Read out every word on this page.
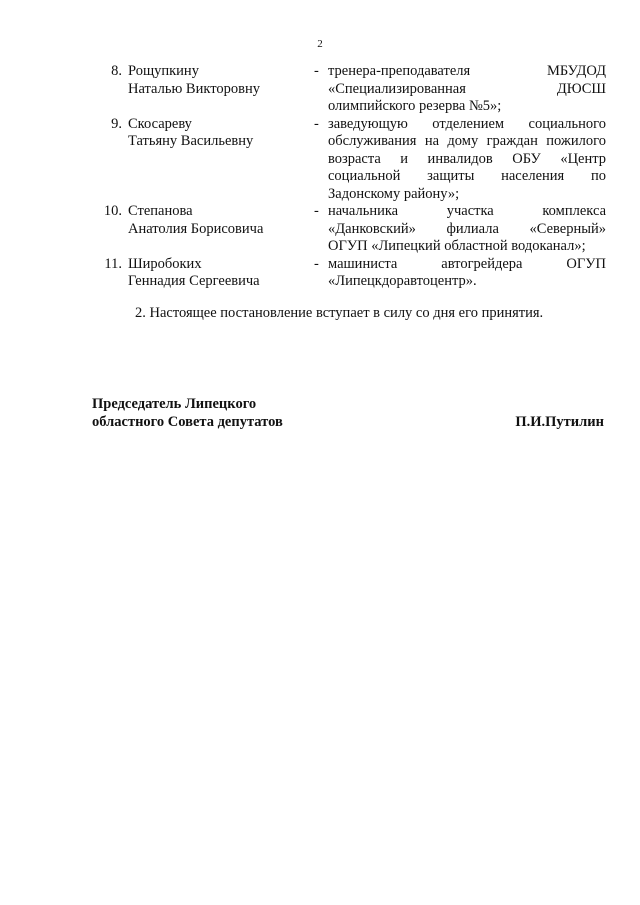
2
8. Рощупкину
Наталью Викторовну
- тренера-преподавателя МБУДОД
«Специализированная ДЮСШ
олимпийского резерва №5»;
9. Скосареву
Татьяну Васильевну
- заведующую отделением социального
обслуживания на дому граждан пожилого
возраста и инвалидов ОБУ «Центр
социальной защиты населения по
Задонскому району»;
10. Степанова
Анатолия Борисовича
- начальника участка комплекса
«Данковский» филиала «Северный»
ОГУП «Липецкий областной водоканал»;
11. Широбоких
Геннадия Сергеевича
- машиниста автогрейдера ОГУП
«Липецкдоравтоцентр».
2. Настоящее постановление вступает в силу со дня его принятия.
Председатель Липецкого
областного Совета депутатов	П.И.Путилин
